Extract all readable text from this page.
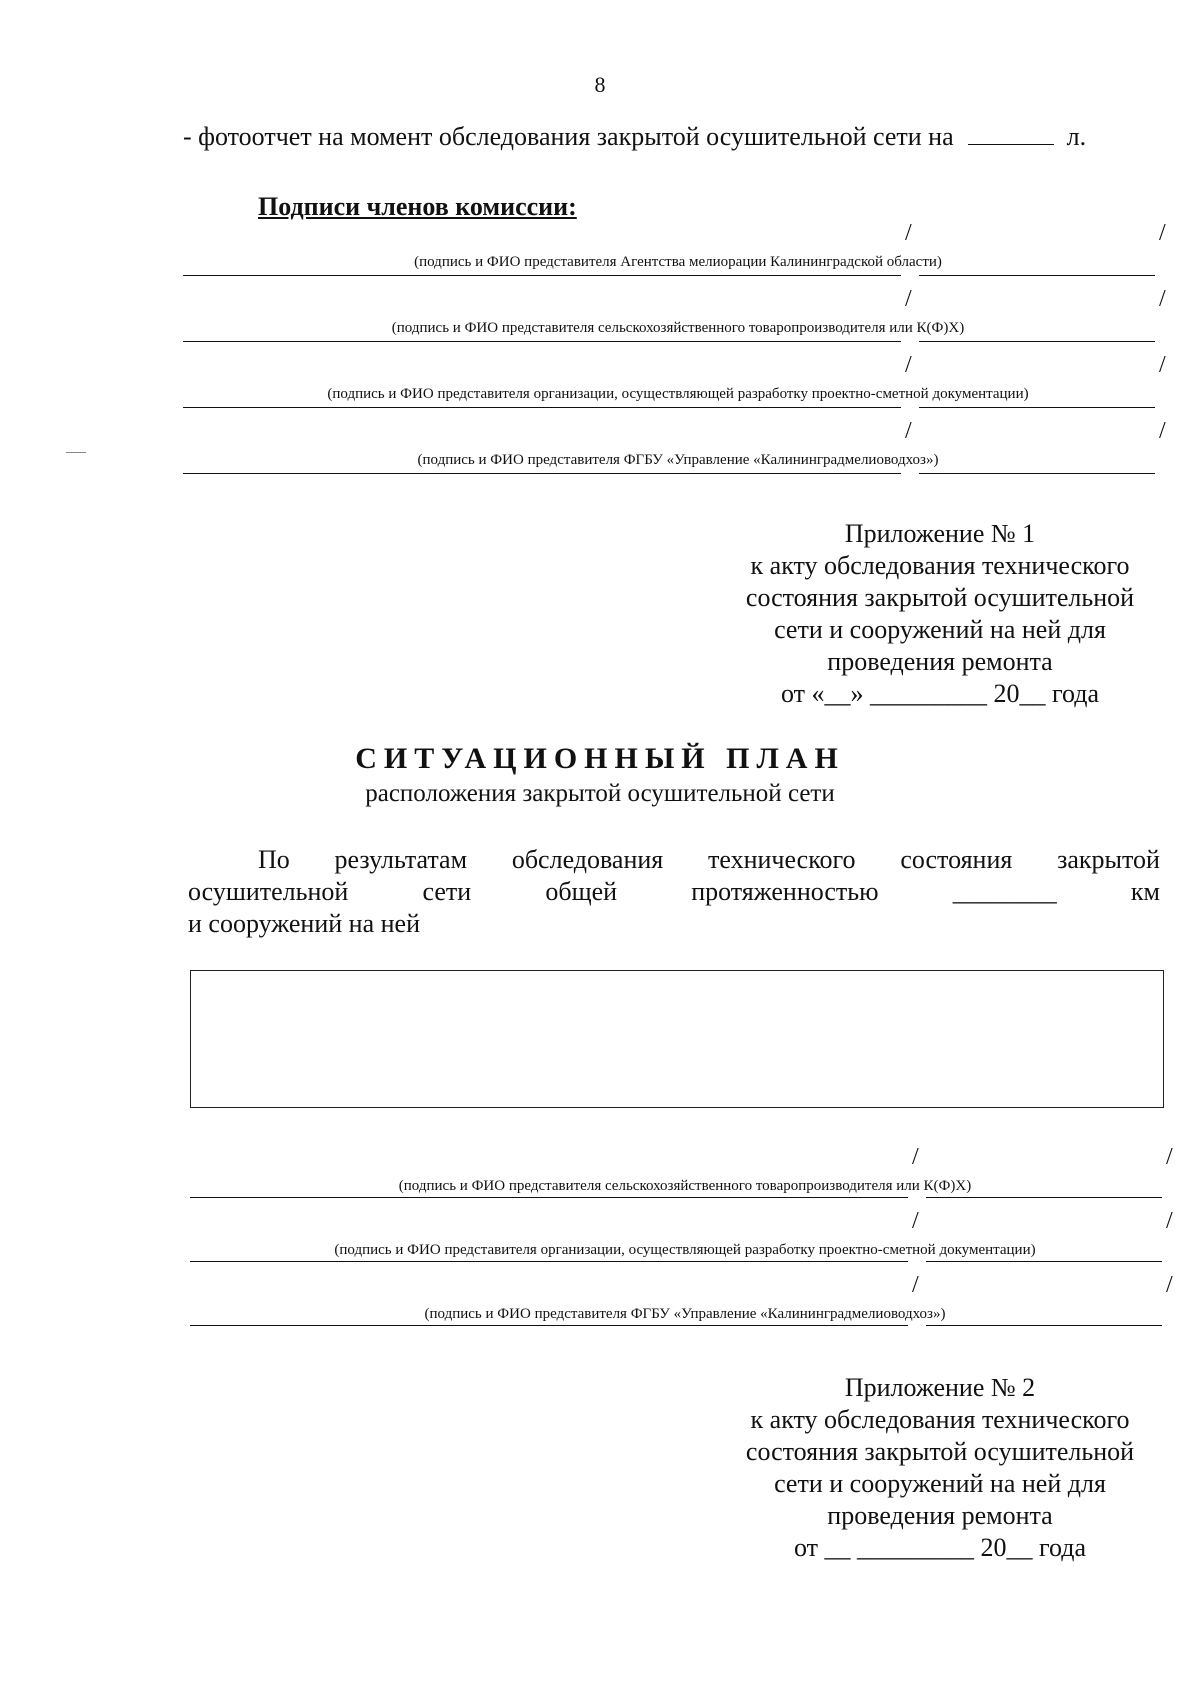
8
- фотоотчет на момент обследования закрытой осушительной сети на	л.
Подписи членов комиссии:
/	/
(подпись и ФИО представителя Агентства мелиорации Калининградской области)
/	/
(подпись и ФИО представителя сельскохозяйственного товаропроизводителя или К(Ф)Х)
/	/
(подпись и ФИО представителя организации, осуществляющей разработку проектно-сметной документации)
/	/
(подпись и ФИО представителя ФГБУ «Управление «Калининградмелиоводхоз»)
Приложение № 1
к акту обследования технического
состояния закрытой осушительной
сети и сооружений на ней для
проведения ремонта
от «__» _________ 20__ года
СИТУАЦИОННЫЙ ПЛАН
расположения закрытой осушительной сети
По результатам обследования технического состояния закрытой
осушительной	сети	общей	протяженностью	________	км
и сооружений на ней
/	/
(подпись и ФИО представителя сельскохозяйственного товаропроизводителя или К(Ф)Х)
/	/
(подпись и ФИО представителя организации, осуществляющей разработку проектно-сметной документации)
/	/
(подпись и ФИО представителя ФГБУ «Управление «Калининградмелиоводхоз»)
Приложение № 2
к акту обследования технического
состояния закрытой осушительной
сети и сооружений на ней для
проведения ремонта
от __ _________ 20__ года
